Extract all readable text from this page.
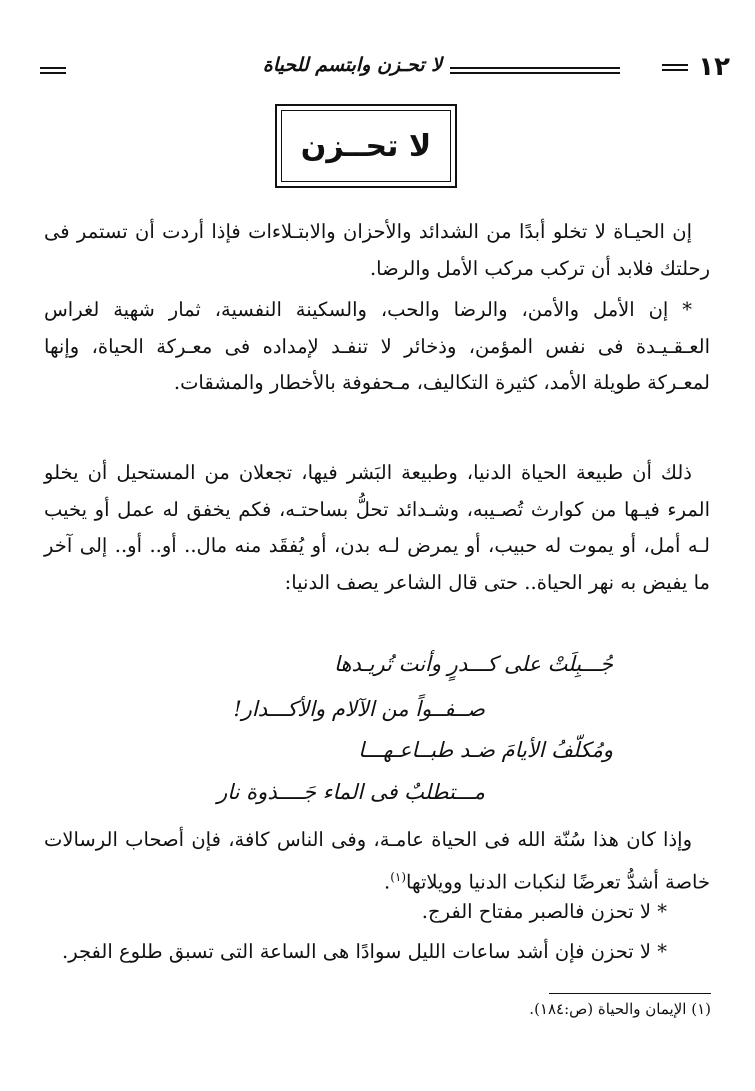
١٢
لا تحـزن وابتسم للحياة
لا تحــزن

إن الحيـاة لا تخلو أبدًا من الشدائد والأحزان والابتـلاءات فإذا أردت أن تستمر فى رحلتك فلابد أن تركب مركب الأمل والرضا.

* إن الأمل والأمن، والرضا والحب، والسكينة النفسية، ثمار شهية لغراس العـقـيـدة فى نفس المؤمن، وذخائر لا تنفـد لإمداده فى معـركة الحياة، وإنها لمعـركة طويلة الأمد، كثيرة التكاليف، مـحفوفة بالأخطار والمشقات.

ذلك أن طبيعة الحياة الدنيا، وطبيعة البَشر فيها، تجعلان من المستحيل أن يخلو المرء فيـها من كوارث تُصـيبه، وشـدائد تحلُّ بساحتـه، فكم يخفق له عمل أو يخيب لـه أمل، أو يموت له حبيب، أو يمرض لـه بدن، أو يُفقَد منه مال.. أو.. أو.. إلى آخر ما يفيض به نهر الحياة.. حتى قال الشاعر يصف الدنيا:

جُـــبِلَتْ على كـــدرٍ وأنت تُريـدها
صــفــواً من الآلام والأكـــدار!
ومُكلّفُ الأيامَ ضـد طبــاعـهـــا
مـــتطلبٌ فى الماء جَــــذوة نار

وإذا كان هذا سُنّة الله فى الحياة عامـة، وفى الناس كافة، فإن أصحاب الرسالات خاصة أشدُّ تعرضًا لنكبات الدنيا وويلاتها$^{(١)}$.

* لا تحزن فالصبر مفتاح الفرج.
* لا تحزن فإن أشد ساعات الليل سوادًا هى الساعة التى تسبق طلوع الفجر.
(١) الإيمان والحياة (ص:١٨٤).
